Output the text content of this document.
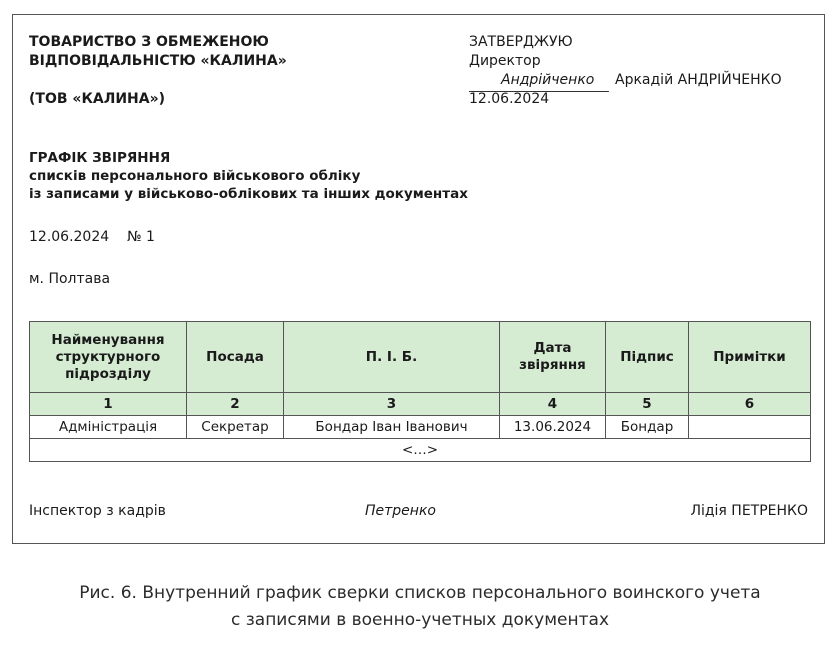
ТОВАРИСТВО З ОБМЕЖЕНОЮ
ВІДПОВІДАЛЬНІСТЮ «КАЛИНА»
(ТОВ «КАЛИНА»)
ЗАТВЕРДЖУЮ
Директор
Андрійченко Аркадій АНДРІЙЧЕНКО
12.06.2024
ГРАФІК ЗВІРЯННЯ
списків персонального військового обліку
із записами у військово-облікових та інших документах
12.06.2024    № 1
м. Полтава
Найменування структурного підрозділу	Посада	П. І. Б.	Дата звіряння	Підпис	Примітки
1	2	3	4	5	6
Адміністрація	Секретар	Бондар Іван Іванович	13.06.2024	Бондар	
<…>					
Інспектор з кадрів	Петренко	Лідія ПЕТРЕНКО
Рис. 6. Внутренний график сверки списков персонального воинского учета
с записями в военно-учетных документах
